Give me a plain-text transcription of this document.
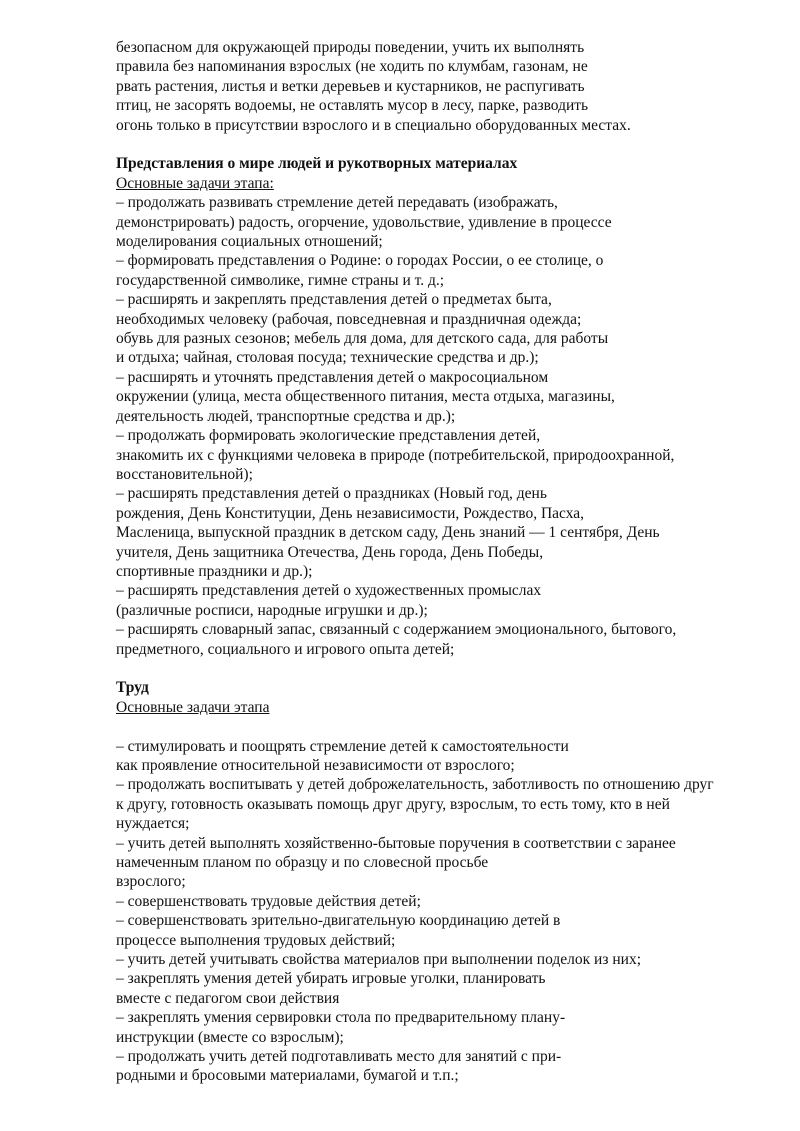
безопасном для окружающей природы поведении, учить их выполнять
правила без напоминания взрослых (не ходить по клумбам, газонам, не
рвать растения, листья и ветки деревьев и кустарников, не распугивать
птиц, не засорять водоемы, не оставлять мусор в лесу, парке, разводить
огонь только в присутствии взрослого и в специально оборудованных местах.
Представления о мире людей и рукотворных материалах
Основные задачи этапа:
– продолжать развивать стремление детей передавать (изображать,
демонстрировать) радость, огорчение, удовольствие, удивление в процессе
моделирования социальных отношений;
– формировать представления о Родине: о городах России, о ее столице, о
государственной символике, гимне страны и т. д.;
– расширять и закреплять представления детей о предметах быта,
необходимых человеку (рабочая, повседневная и праздничная одежда;
обувь для разных сезонов; мебель для дома, для детского сада, для работы
и отдыха; чайная, столовая посуда; технические средства и др.);
– расширять и уточнять представления детей о макросоциальном
окружении (улица, места общественного питания, места отдыха, магазины,
деятельность людей, транспортные средства и др.);
– продолжать формировать экологические представления детей,
знакомить их с функциями человека в природе (потребительской, природоохранной,
восстановительной);
– расширять представления детей о праздниках (Новый год, день
рождения, День Конституции, День независимости, Рождество, Пасха,
Масленица, выпускной праздник в детском саду, День знаний — 1 сентября, День
учителя, День защитника Отечества, День города, День Победы,
спортивные праздники и др.);
– расширять представления детей о художественных промыслах
(различные росписи, народные игрушки и др.);
– расширять словарный запас, связанный с содержанием эмоционального, бытового,
предметного, социального и игрового опыта детей;
Труд
Основные задачи этапа
– стимулировать и поощрять стремление детей к самостоятельности
как проявление относительной независимости от взрослого;
– продолжать воспитывать у детей доброжелательность, заботливость по отношению друг
к другу, готовность оказывать помощь друг другу, взрослым, то есть тому, кто в ней
нуждается;
– учить детей выполнять хозяйственно-бытовые поручения в соответствии с заранее
намеченным планом по образцу и по словесной просьбе
взрослого;
– совершенствовать трудовые действия детей;
– совершенствовать зрительно-двигательную координацию детей в
процессе выполнения трудовых действий;
– учить детей учитывать свойства материалов при выполнении поделок из них;
– закреплять умения детей убирать игровые уголки, планировать
вместе с педагогом свои действия
– закреплять умения сервировки стола по предварительному плану-
инструкции (вместе со взрослым);
– продолжать учить детей подготавливать место для занятий с при-
родными и бросовыми материалами, бумагой и т.п.;
